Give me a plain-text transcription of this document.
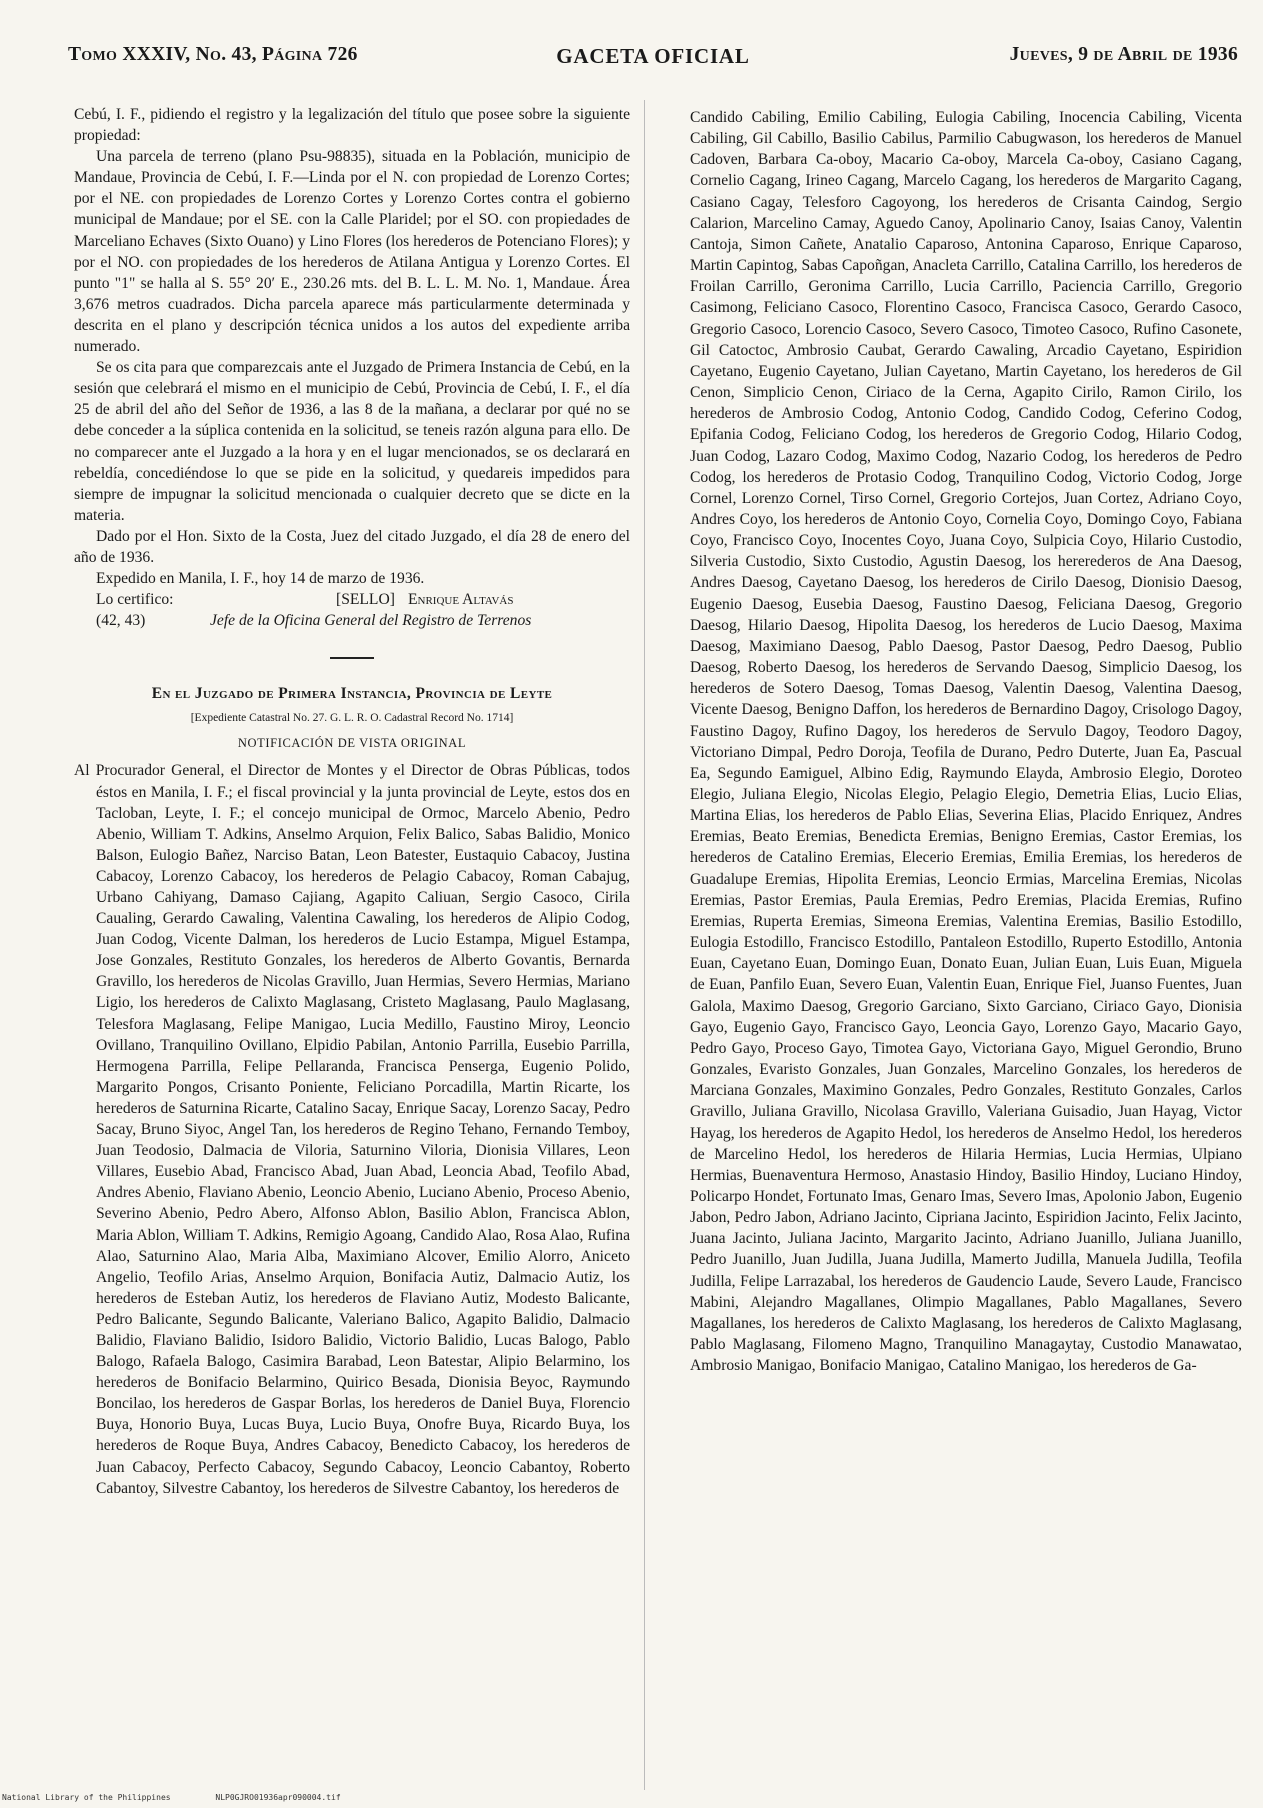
Tomo XXXIV, No. 43, Página 726	GACETA OFICIAL	Jueves, 9 de Abril de 1936

Cebú, I. F., pidiendo el registro y la legalización del título que posee sobre la siguiente propiedad:

Una parcela de terreno (plano Psu-98835), situada en la Población, municipio de Mandaue, Provincia de Cebú, I. F.—Linda por el N. con propiedad de Lorenzo Cortes; por el NE. con propiedades de Lorenzo Cortes y Lorenzo Cortes contra el gobierno municipal de Mandaue; por el SE. con la Calle Plaridel; por el SO. con propiedades de Marceliano Echaves (Sixto Ouano) y Lino Flores (los herederos de Potenciano Flores); y por el NO. con propiedades de los herederos de Atilana Antigua y Lorenzo Cortes. El punto "1" se halla al S. 55° 20′ E., 230.26 mts. del B. L. L. M. No. 1, Mandaue. Área 3,676 metros cuadrados. Dicha parcela aparece más particularmente determinada y descrita en el plano y descripción técnica unidos a los autos del expediente arriba numerado.

Se os cita para que comparezcais ante el Juzgado de Primera Instancia de Cebú, en la sesión que celebrará el mismo en el municipio de Cebú, Provincia de Cebú, I. F., el día 25 de abril del año del Señor de 1936, a las 8 de la mañana, a declarar por qué no se debe conceder a la súplica contenida en la solicitud, se teneis razón alguna para ello. De no comparecer ante el Juzgado a la hora y en el lugar mencionados, se os declarará en rebeldía, concediéndose lo que se pide en la solicitud, y quedareis impedidos para siempre de impugnar la solicitud mencionada o cualquier decreto que se dicte en la materia.

Dado por el Hon. Sixto de la Costa, Juez del citado Juzgado, el día 28 de enero del año de 1936.

Expedido en Manila, I. F., hoy 14 de marzo de 1936.

Lo certifico:	[SELLO] Enrique Altavás
(42, 43)	Jefe de la Oficina General del Registro de Terrenos
En el Juzgado de Primera Instancia, Provincia de Leyte
[Expediente Catastral No. 27. G. L. R. O. Cadastral Record No. 1714]
NOTIFICACIÓN DE VISTA ORIGINAL

Al Procurador General, el Director de Montes y el Director de Obras Públicas, todos éstos en Manila, I. F.; el fiscal provincial y la junta provincial de Leyte, estos dos en Tacloban, Leyte, I. F.; el concejo municipal de Ormoc, Marcelo Abenio, Pedro Abenio, William T. Adkins, Anselmo Arquion, Felix Balico, Sabas Balidio, Monico Balson, Eulogio Bañez, Narciso Batan, Leon Batester, Eustaquio Cabacoy, Justina Cabacoy, Lorenzo Cabacoy, los herederos de Pelagio Cabacoy, Roman Cabajug, Urbano Cahiyang, Damaso Cajiang, Agapito Caliuan, Sergio Casoco, Cirila Caualing, Gerardo Cawaling, Valentina Cawaling, los herederos de Alipio Codog, Juan Codog, Vicente Dalman, los herederos de Lucio Estampa, Miguel Estampa, Jose Gonzales, Restituto Gonzales, los herederos de Alberto Govantis, Bernarda Gravillo, los herederos de Nicolas Gravillo, Juan Hermias, Severo Hermias, Mariano Ligio, los herederos de Calixto Maglasang, Cristeto Maglasang, Paulo Maglasang, Telesfora Maglasang, Felipe Manigao, Lucia Medillo, Faustino Miroy, Leoncio Ovillano, Tranquilino Ovillano, Elpidio Pabilan, Antonio Parrilla, Eusebio Parrilla, Hermogena Parrilla, Felipe Pellaranda, Francisca Penserga, Eugenio Polido, Margarito Pongos, Crisanto Poniente, Feliciano Porcadilla, Martin Ricarte, los herederos de Saturnina Ricarte, Catalino Sacay, Enrique Sacay, Lorenzo Sacay, Pedro Sacay, Bruno Siyoc, Angel Tan, los herederos de Regino Tehano, Fernando Temboy, Juan Teodosio, Dalmacia de Viloria, Saturnino Viloria, Dionisia Villares, Leon Villares, Eusebio Abad, Francisco Abad, Juan Abad, Leoncia Abad, Teofilo Abad, Andres Abenio, Flaviano Abenio, Leoncio Abenio, Luciano Abenio, Proceso Abenio, Severino Abenio, Pedro Abero, Alfonso Ablon, Basilio Ablon, Francisca Ablon, Maria Ablon, William T. Adkins, Remigio Agoang, Candido Alao, Rosa Alao, Rufina Alao, Saturnino Alao, Maria Alba, Maximiano Alcover, Emilio Alorro, Aniceto Angelio, Teofilo Arias, Anselmo Arquion, Bonifacia Autiz, Dalmacio Autiz, los herederos de Esteban Autiz, los herederos de Flaviano Autiz, Modesto Balicante, Pedro Balicante, Segundo Balicante, Valeriano Balico, Agapito Balidio, Dalmacio Balidio, Flaviano Balidio, Isidoro Balidio, Victorio Balidio, Lucas Balogo, Pablo Balogo, Rafaela Balogo, Casimira Barabad, Leon Batestar, Alipio Belarmino, los herederos de Bonifacio Belarmino, Quirico Besada, Dionisia Beyoc, Raymundo Boncilao, los herederos de Gaspar Borlas, los herederos de Daniel Buya, Florencio Buya, Honorio Buya, Lucas Buya, Lucio Buya, Onofre Buya, Ricardo Buya, los herederos de Roque Buya, Andres Cabacoy, Benedicto Cabacoy, los herederos de Juan Cabacoy, Perfecto Cabacoy, Segundo Cabacoy, Leoncio Cabantoy, Roberto Cabantoy, Silvestre Cabantoy, los herederos de Silvestre Cabantoy, los herederos de

Candido Cabiling, Emilio Cabiling, Eulogia Cabiling, Inocencia Cabiling, Vicenta Cabiling, Gil Cabillo, Basilio Cabilus, Parmilio Cabugwason, los herederos de Manuel Cadoven, Barbara Ca-oboy, Macario Ca-oboy, Marcela Ca-oboy, Casiano Cagang, Cornelio Cagang, Irineo Cagang, Marcelo Cagang, los herederos de Margarito Cagang, Casiano Cagay, Telesforo Cagoyong, los herederos de Crisanta Caindog, Sergio Calarion, Marcelino Camay, Aguedo Canoy, Apolinario Canoy, Isaias Canoy, Valentin Cantoja, Simon Cañete, Anatalio Caparoso, Antonina Caparoso, Enrique Caparoso, Martin Capintog, Sabas Capoñgan, Anacleta Carrillo, Catalina Carrillo, los herederos de Froilan Carrillo, Geronima Carrillo, Lucia Carrillo, Paciencia Carrillo, Gregorio Casimong, Feliciano Casoco, Florentino Casoco, Francisca Casoco, Gerardo Casoco, Gregorio Casoco, Lorencio Casoco, Severo Casoco, Timoteo Casoco, Rufino Casonete, Gil Catoctoc, Ambrosio Caubat, Gerardo Cawaling, Arcadio Cayetano, Espiridion Cayetano, Eugenio Cayetano, Julian Cayetano, Martin Cayetano, los herederos de Gil Cenon, Simplicio Cenon, Ciriaco de la Cerna, Agapito Cirilo, Ramon Cirilo, los herederos de Ambrosio Codog, Antonio Codog, Candido Codog, Ceferino Codog, Epifania Codog, Feliciano Codog, los herederos de Gregorio Codog, Hilario Codog, Juan Codog, Lazaro Codog, Maximo Codog, Nazario Codog, los herederos de Pedro Codog, los herederos de Protasio Codog, Tranquilino Codog, Victorio Codog, Jorge Cornel, Lorenzo Cornel, Tirso Cornel, Gregorio Cortejos, Juan Cortez, Adriano Coyo, Andres Coyo, los herederos de Antonio Coyo, Cornelia Coyo, Domingo Coyo, Fabiana Coyo, Francisco Coyo, Inocentes Coyo, Juana Coyo, Sulpicia Coyo, Hilario Custodio, Silveria Custodio, Sixto Custodio, Agustin Daesog, los hererederos de Ana Daesog, Andres Daesog, Cayetano Daesog, los herederos de Cirilo Daesog, Dionisio Daesog, Eugenio Daesog, Eusebia Daesog, Faustino Daesog, Feliciana Daesog, Gregorio Daesog, Hilario Daesog, Hipolita Daesog, los herederos de Lucio Daesog, Maxima Daesog, Maximiano Daesog, Pablo Daesog, Pastor Daesog, Pedro Daesog, Publio Daesog, Roberto Daesog, los herederos de Servando Daesog, Simplicio Daesog, los herederos de Sotero Daesog, Tomas Daesog, Valentin Daesog, Valentina Daesog, Vicente Daesog, Benigno Daffon, los herederos de Bernardino Dagoy, Crisologo Dagoy, Faustino Dagoy, Rufino Dagoy, los herederos de Servulo Dagoy, Teodoro Dagoy, Victoriano Dimpal, Pedro Doroja, Teofila de Durano, Pedro Duterte, Juan Ea, Pascual Ea, Segundo Eamiguel, Albino Edig, Raymundo Elayda, Ambrosio Elegio, Doroteo Elegio, Juliana Elegio, Nicolas Elegio, Pelagio Elegio, Demetria Elias, Lucio Elias, Martina Elias, los herederos de Pablo Elias, Severina Elias, Placido Enriquez, Andres Eremias, Beato Eremias, Benedicta Eremias, Benigno Eremias, Castor Eremias, los herederos de Catalino Eremias, Elecerio Eremias, Emilia Eremias, los herederos de Guadalupe Eremias, Hipolita Eremias, Leoncio Ermias, Marcelina Eremias, Nicolas Eremias, Pastor Eremias, Paula Eremias, Pedro Eremias, Placida Eremias, Rufino Eremias, Ruperta Eremias, Simeona Eremias, Valentina Eremias, Basilio Estodillo, Eulogia Estodillo, Francisco Estodillo, Pantaleon Estodillo, Ruperto Estodillo, Antonia Euan, Cayetano Euan, Domingo Euan, Donato Euan, Julian Euan, Luis Euan, Miguela de Euan, Panfilo Euan, Severo Euan, Valentin Euan, Enrique Fiel, Juanso Fuentes, Juan Galola, Maximo Daesog, Gregorio Garciano, Sixto Garciano, Ciriaco Gayo, Dionisia Gayo, Eugenio Gayo, Francisco Gayo, Leoncia Gayo, Lorenzo Gayo, Macario Gayo, Pedro Gayo, Proceso Gayo, Timotea Gayo, Victoriana Gayo, Miguel Gerondio, Bruno Gonzales, Evaristo Gonzales, Juan Gonzales, Marcelino Gonzales, los herederos de Marciana Gonzales, Maximino Gonzales, Pedro Gonzales, Restituto Gonzales, Carlos Gravillo, Juliana Gravillo, Nicolasa Gravillo, Valeriana Guisadio, Juan Hayag, Victor Hayag, los herederos de Agapito Hedol, los herederos de Anselmo Hedol, los herederos de Marcelino Hedol, los herederos de Hilaria Hermias, Lucia Hermias, Ulpiano Hermias, Buenaventura Hermoso, Anastasio Hindoy, Basilio Hindoy, Luciano Hindoy, Policarpo Hondet, Fortunato Imas, Genaro Imas, Severo Imas, Apolonio Jabon, Eugenio Jabon, Pedro Jabon, Adriano Jacinto, Cipriana Jacinto, Espiridion Jacinto, Felix Jacinto, Juana Jacinto, Juliana Jacinto, Margarito Jacinto, Adriano Juanillo, Juliana Juanillo, Pedro Juanillo, Juan Judilla, Juana Judilla, Mamerto Judilla, Manuela Judilla, Teofila Judilla, Felipe Larrazabal, los herederos de Gaudencio Laude, Severo Laude, Francisco Mabini, Alejandro Magallanes, Olimpio Magallanes, Pablo Magallanes, Severo Magallanes, los herederos de Calixto Maglasang, los herederos de Calixto Maglasang, Pablo Maglasang, Filomeno Magno, Tranquilino Managaytay, Custodio Manawatao, Ambrosio Manigao, Bonifacio Manigao, Catalino Manigao, los herederos de Ga-

National Library of the Philippines	NLP0GJRO01936apr090004.tif
